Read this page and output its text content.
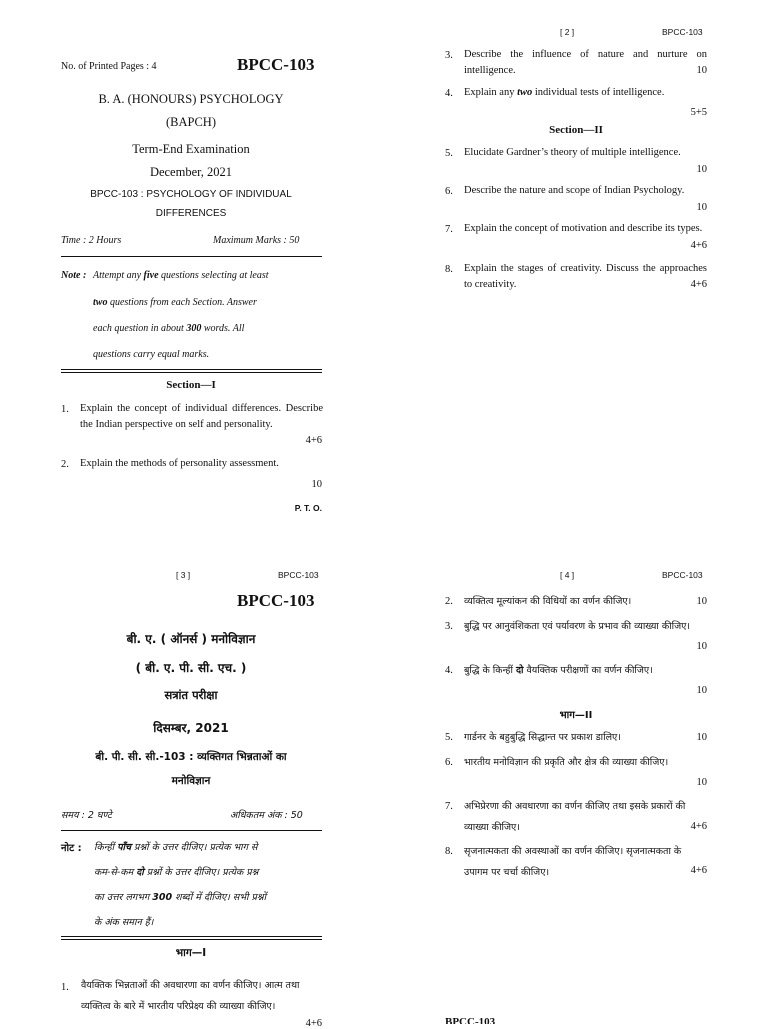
No. of Printed Pages : 4	BPCC-103
B. A. (HONOURS) PSYCHOLOGY
(BAPCH)
Term-End Examination
December, 2021
BPCC-103 : PSYCHOLOGY OF INDIVIDUAL
DIFFERENCES
Time : 2 Hours	Maximum Marks : 50
Note : Attempt any five questions selecting at least
two questions from each Section. Answer
each question in about 300 words. All
questions carry equal marks.
Section—I
1. Explain the concept of individual differences. Describe the Indian perspective on self and personality.
4+6
2. Explain the methods of personality assessment.
10
P. T. O.
[ 2 ]	BPCC-103
3. Describe the influence of nature and nurture on intelligence.	10
4. Explain any two individual tests of intelligence.
5+5
Section—II
5. Elucidate Gardner’s theory of multiple intelligence.
10
6. Describe the nature and scope of Indian Psychology.
10
7. Explain the concept of motivation and describe its types.
4+6
8. Explain the stages of creativity. Discuss the approaches to creativity.	4+6
[ 3 ]	BPCC-103
BPCC-103
बी. ए. ( ऑनर्स ) मनोविज्ञान
( बी. ए. पी. सी. एच. )
सत्रांत परीक्षा
दिसम्बर, 2021
बी. पी. सी. सी.-103 : व्यक्तिगत भिन्नताओं का
मनोविज्ञान
समय : 2 घण्टे	अधिकतम अंक : 50
नोट : किन्हीं पाँच प्रश्नों के उत्तर दीजिए। प्रत्येक भाग से
कम-से-कम दो प्रश्नों के उत्तर दीजिए। प्रत्येक प्रश्न
का उत्तर लगभग 300 शब्दों में दीजिए। सभी प्रश्नों
के अंक समान हैं।
भाग—I
1. वैयक्तिक भिन्नताओं की अवधारणा का वर्णन कीजिए। आत्म तथा व्यक्तित्व के बारे में भारतीय परिप्रेक्ष्य की व्याख्या कीजिए।
4+6
[ 4 ]	BPCC-103
2. व्यक्तित्व मूल्यांकन की विधियों का वर्णन कीजिए।	10
3. बुद्धि पर आनुवंशिकता एवं पर्यावरण के प्रभाव की व्याख्या कीजिए।
10
4. बुद्धि के किन्हीं दो वैयक्तिक परीक्षणों का वर्णन कीजिए।
10
भाग—II
5. गार्डनर के बहुबुद्धि सिद्धान्त पर प्रकाश डालिए।	10
6. भारतीय मनोविज्ञान की प्रकृति और क्षेत्र की व्याख्या कीजिए।
10
7. अभिप्रेरणा की अवधारणा का वर्णन कीजिए तथा इसके प्रकारों की व्याख्या कीजिए।	4+6
8. सृजनात्मकता की अवस्थाओं का वर्णन कीजिए। सृजनात्मकता के उपागम पर चर्चा कीजिए।	4+6
BPCC-103
